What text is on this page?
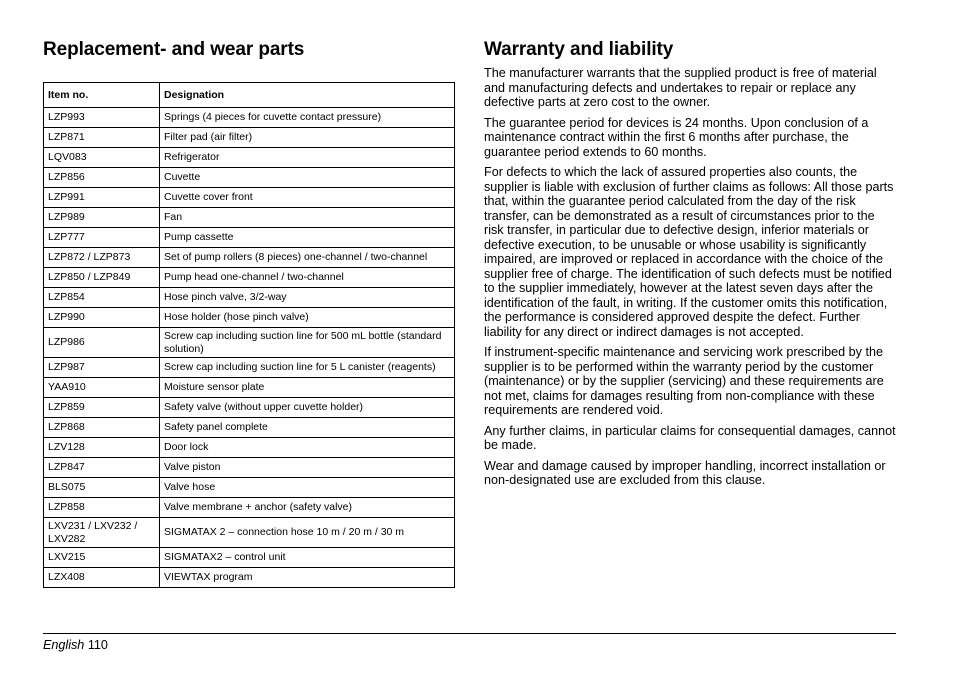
Replacement- and wear parts
Item no.	Designation
LZP993	Springs (4 pieces for cuvette contact pressure)
LZP871	Filter pad (air filter)
LQV083	Refrigerator
LZP856	Cuvette
LZP991	Cuvette cover front
LZP989	Fan
LZP777	Pump cassette
LZP872 / LZP873	Set of pump rollers (8 pieces) one-channel / two-channel
LZP850 / LZP849	Pump head one-channel / two-channel
LZP854	Hose pinch valve, 3/2-way
LZP990	Hose holder (hose pinch valve)
LZP986	Screw cap including suction line for 500 mL bottle (standard solution)
LZP987	Screw cap including suction line for 5 L canister (reagents)
YAA910	Moisture sensor plate
LZP859	Safety valve (without upper cuvette holder)
LZP868	Safety panel complete
LZV128	Door lock
LZP847	Valve piston
BLS075	Valve hose
LZP858	Valve membrane + anchor (safety valve)
LXV231 / LXV232 / LXV282	SIGMATAX 2 – connection hose 10 m / 20 m / 30 m
LXV215	SIGMATAX2 – control unit
LZX408	VIEWTAX program
Warranty and liability

The manufacturer warrants that the supplied product is free of material and manufacturing defects and undertakes to repair or replace any defective parts at zero cost to the owner.

The guarantee period for devices is 24 months. Upon conclusion of a maintenance contract within the first 6 months after purchase, the guarantee period extends to 60 months.

For defects to which the lack of assured properties also counts, the supplier is liable with exclusion of further claims as follows: All those parts that, within the guarantee period calculated from the day of the risk transfer, can be demonstrated as a result of circumstances prior to the risk transfer, in particular due to defective design, inferior materials or defective execution, to be unusable or whose usability is significantly impaired, are improved or replaced in accordance with the choice of the supplier free of charge. The identification of such defects must be notified to the supplier immediately, however at the latest seven days after the identification of the fault, in writing. If the customer omits this notification, the performance is considered approved despite the defect. Further liability for any direct or indirect damages is not accepted.

If instrument-specific maintenance and servicing work prescribed by the supplier is to be performed within the warranty period by the customer (maintenance) or by the supplier (servicing) and these requirements are not met, claims for damages resulting from non-compliance with these requirements are rendered void.

Any further claims, in particular claims for consequential damages, cannot be made.

Wear and damage caused by improper handling, incorrect installation or non-designated use are excluded from this clause.

English 110
